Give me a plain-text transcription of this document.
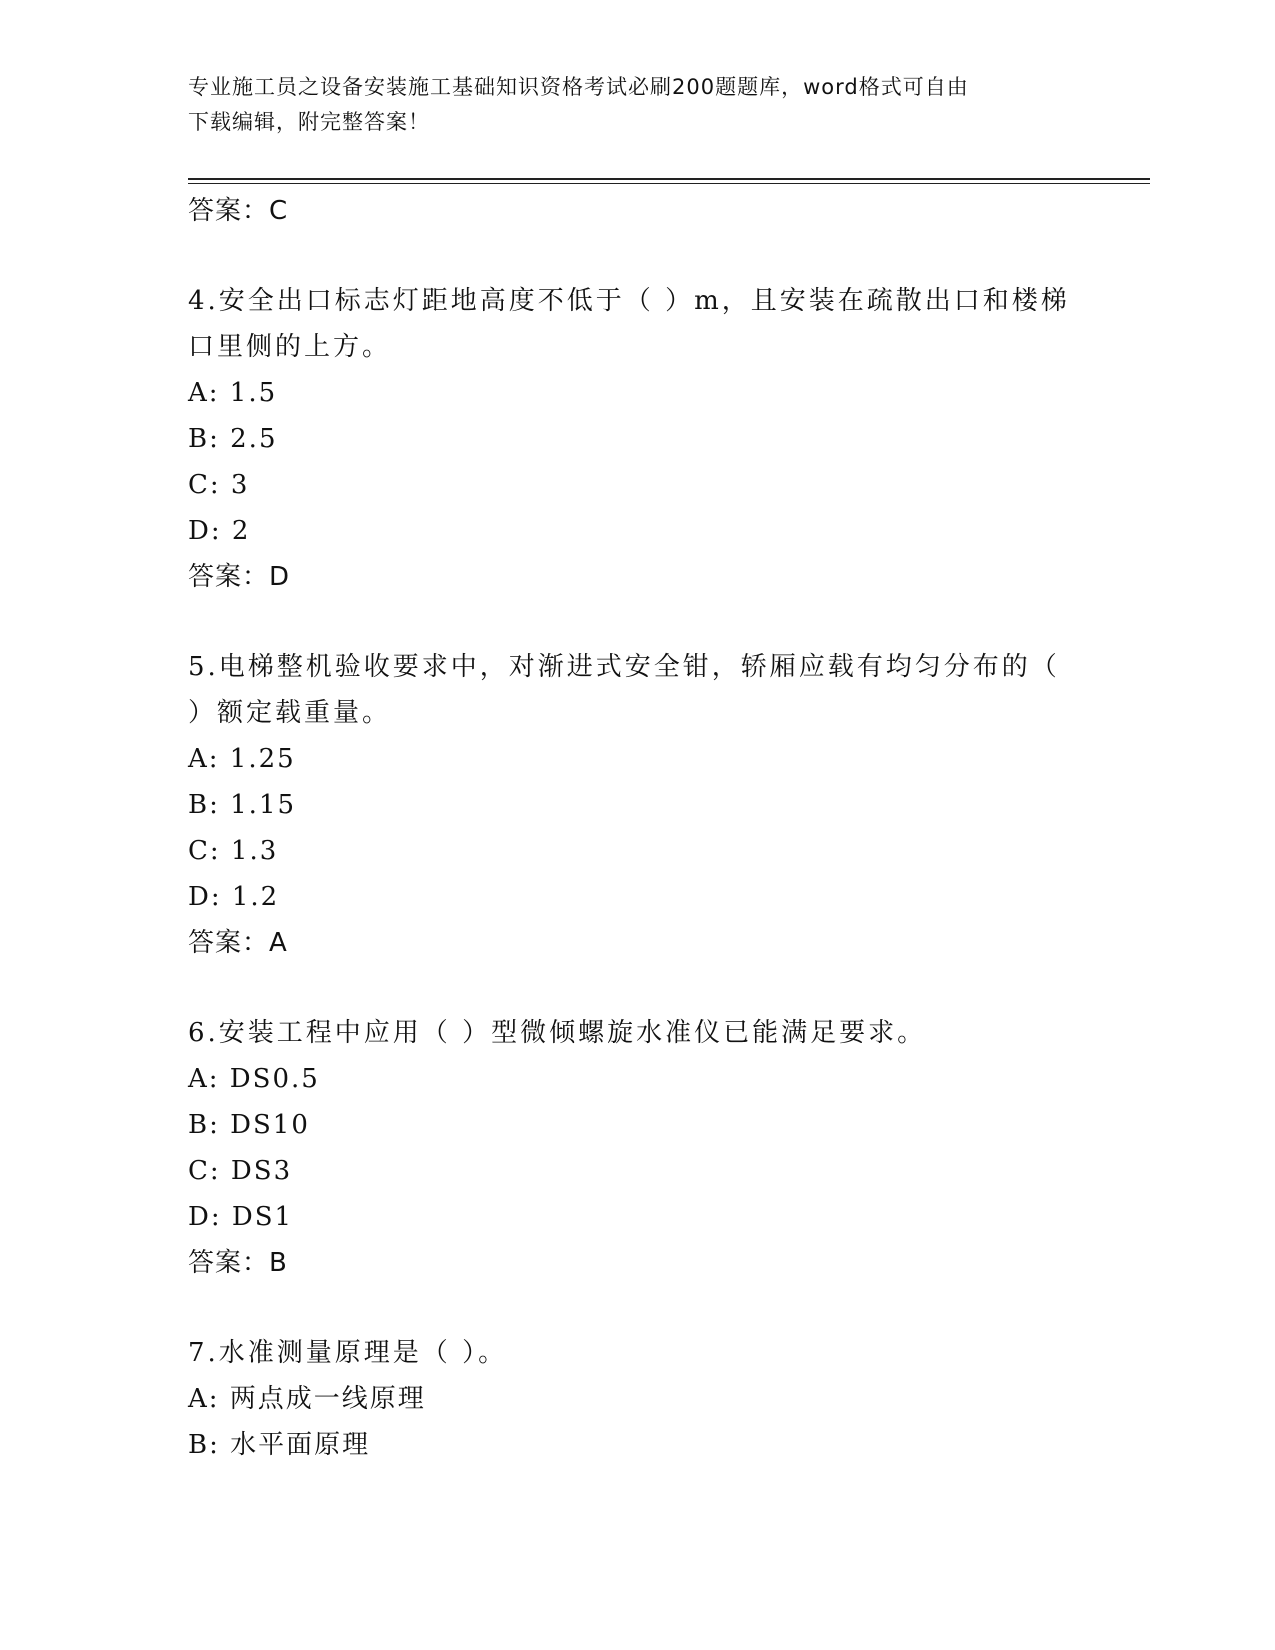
专业施工员之设备安装施工基础知识资格考试必刷200题题库，word格式可自由
下载编辑，附完整答案！
答案：C
4.安全出口标志灯距地高度不低于（ ）m，且安装在疏散出口和楼梯
口里侧的上方。
A: 1.5
B: 2.5
C: 3
D: 2
答案：D
5.电梯整机验收要求中，对渐进式安全钳，轿厢应载有均匀分布的（
）额定载重量。
A: 1.25
B: 1.15
C: 1.3
D: 1.2
答案：A
6.安装工程中应用（ ）型微倾螺旋水准仪已能满足要求。
A: DS0.5
B: DS10
C: DS3
D: DS1
答案：B
7.水准测量原理是（ ）。
A: 两点成一线原理
B: 水平面原理
